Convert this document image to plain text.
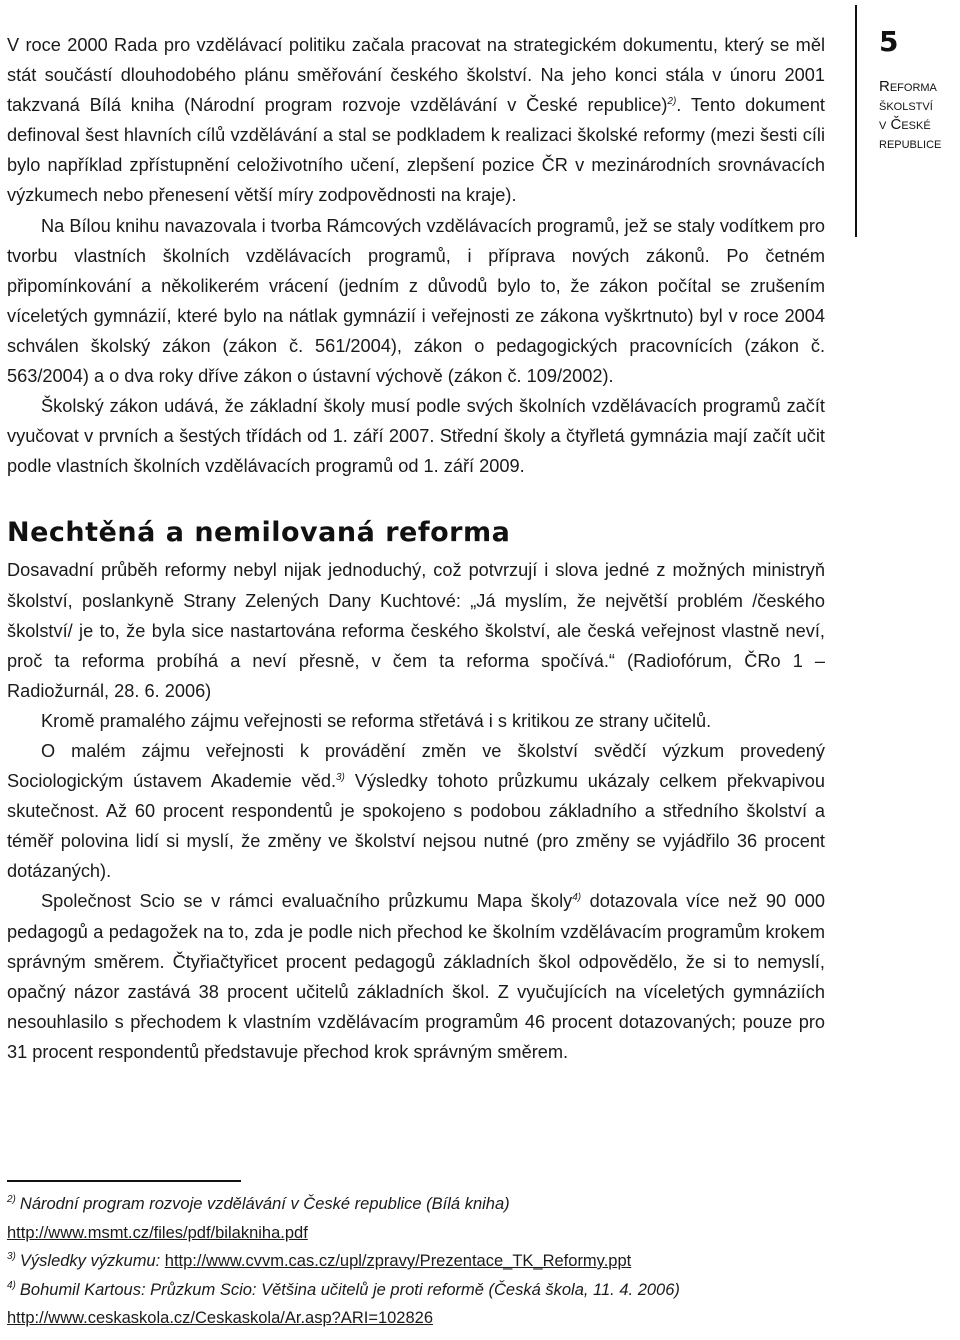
5
Reforma
školství
v České
republice

V roce 2000 Rada pro vzdělávací politiku začala pracovat na strategickém dokumentu, který se měl stát součástí dlouhodobého plánu směřování českého školství. Na jeho konci stála v únoru 2001 takzvaná Bílá kniha (Národní program rozvoje vzdělávání v České republice)$^{2)}$. Tento dokument definoval šest hlavních cílů vzdělávání a stal se podkladem k realizaci školské reformy (mezi šesti cíli bylo například zpřístupnění celoživotního učení, zlepšení pozice ČR v mezinárodních srovnávacích výzkumech nebo přenesení větší míry zodpovědnosti na kraje).

Na Bílou knihu navazovala i tvorba Rámcových vzdělávacích programů, jež se staly vodítkem pro tvorbu vlastních školních vzdělávacích programů, i příprava nových zákonů. Po četném připomínkování a několikerém vrácení (jedním z důvodů bylo to, že zákon počítal se zrušením víceletých gymnázií, které bylo na nátlak gymnázií i veřejnosti ze zákona vyškrtnuto) byl v roce 2004 schválen školský zákon (zákon č. 561/2004), zákon o pedagogických pracovnících (zákon č. 563/2004) a o dva roky dříve zákon o ústavní výchově (zákon č. 109/2002).

Školský zákon udává, že základní školy musí podle svých školních vzdělávacích programů začít vyučovat v prvních a šestých třídách od 1. září 2007. Střední školy a čtyřletá gymnázia mají začít učit podle vlastních školních vzdělávacích programů od 1. září 2009.

Nechtěná a nemilovaná reforma

Dosavadní průběh reformy nebyl nijak jednoduchý, což potvrzují i slova jedné z možných ministryň školství, poslankyně Strany Zelených Dany Kuchtové: „Já myslím, že největší problém /českého školství/ je to, že byla sice nastartována reforma českého školství, ale česká veřejnost vlastně neví, proč ta reforma probíhá a neví přesně, v čem ta reforma spočívá.“ (Radiofórum, ČRo 1 – Radiožurnál, 28. 6. 2006)

Kromě pramalého zájmu veřejnosti se reforma střetává i s kritikou ze strany učitelů.

O malém zájmu veřejnosti k provádění změn ve školství svědčí výzkum provedený Sociologickým ústavem Akademie věd.$^{3)}$ Výsledky tohoto průzkumu ukázaly celkem překvapivou skutečnost. Až 60 procent respondentů je spokojeno s podobou základního a středního školství a téměř polovina lidí si myslí, že změny ve školství nejsou nutné (pro změny se vyjádřilo 36 procent dotázaných).

Společnost Scio se v rámci evaluačního průzkumu Mapa školy$^{4)}$ dotazovala více než 90 000 pedagogů a pedagožek na to, zda je podle nich přechod ke školním vzdělávacím programům krokem správným směrem. Čtyřiačtyřicet procent pedagogů základních škol odpovědělo, že si to nemyslí, opačný názor zastává 38 procent učitelů základních škol. Z vyučujících na víceletých gymnáziích nesouhlasilo s přechodem k vlastním vzdělávacím programům 46 procent dotazovaných; pouze pro 31 procent respondentů představuje přechod krok správným směrem.

$^{2)}$ Národní program rozvoje vzdělávání v České republice (Bílá kniha)
http://www.msmt.cz/files/pdf/bilakniha.pdf
$^{3)}$ Výsledky výzkumu: http://www.cvvm.cas.cz/upl/zpravy/Prezentace_TK_Reformy.ppt
$^{4)}$ Bohumil Kartous: Průzkum Scio: Většina učitelů je proti reformě (Česká škola, 11. 4. 2006)
http://www.ceskaskola.cz/Ceskaskola/Ar.asp?ARI=102826
